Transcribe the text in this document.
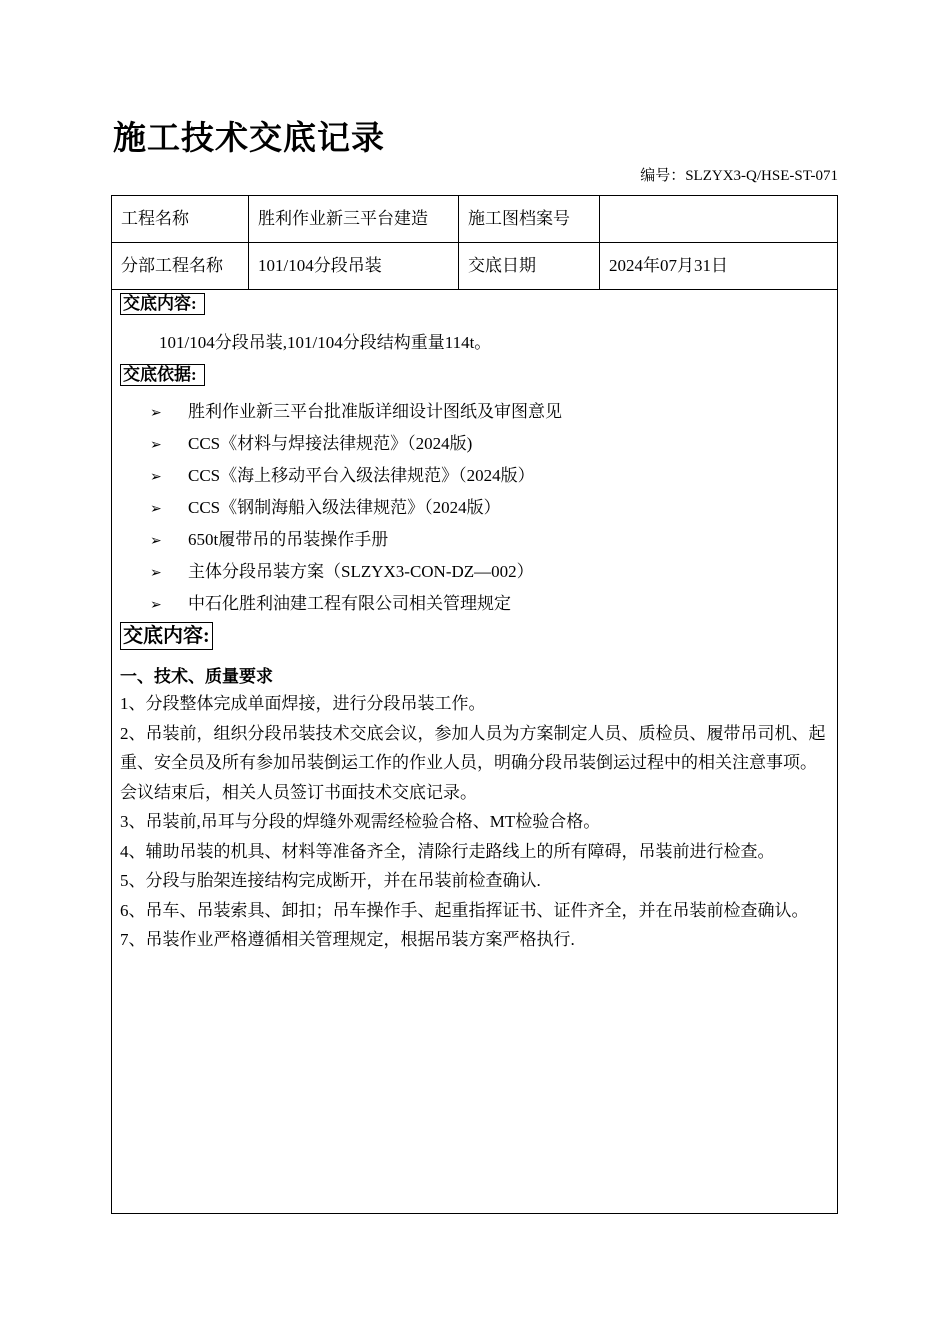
施工技术交底记录
编号：SLZYX3-Q/HSE-ST-071
工程名称	胜利作业新三平台建造	施工图档案号
分部工程名称	101/104分段吊装	交底日期	2024年07月31日
交底内容:
101/104分段吊装,101/104分段结构重量114t。
交底依据:
➢ 胜利作业新三平台批准版详细设计图纸及审图意见
➢ CCS《材料与焊接法律规范》（2024版)
➢ CCS《海上移动平台入级法律规范》（2024版）
➢ CCS《钢制海船入级法律规范》（2024版）
➢ 650t履带吊的吊装操作手册
➢ 主体分段吊装方案（SLZYX3-CON-DZ—002）
➢ 中石化胜利油建工程有限公司相关管理规定
交底内容:
一、技术、质量要求

1、分段整体完成单面焊接，进行分段吊装工作。

2、吊装前，组织分段吊装技术交底会议，参加人员为方案制定人员、质检员、履带吊司机、起重、安全员及所有参加吊装倒运工作的作业人员，明确分段吊装倒运过程中的相关注意事项。会议结束后，相关人员签订书面技术交底记录。

3、吊装前,吊耳与分段的焊缝外观需经检验合格、MT检验合格。

4、辅助吊装的机具、材料等准备齐全，清除行走路线上的所有障碍，吊装前进行检查。

5、分段与胎架连接结构完成断开，并在吊装前检查确认.

6、吊车、吊装索具、卸扣；吊车操作手、起重指挥证书、证件齐全，并在吊装前检查确认。

7、吊装作业严格遵循相关管理规定，根据吊装方案严格执行.
